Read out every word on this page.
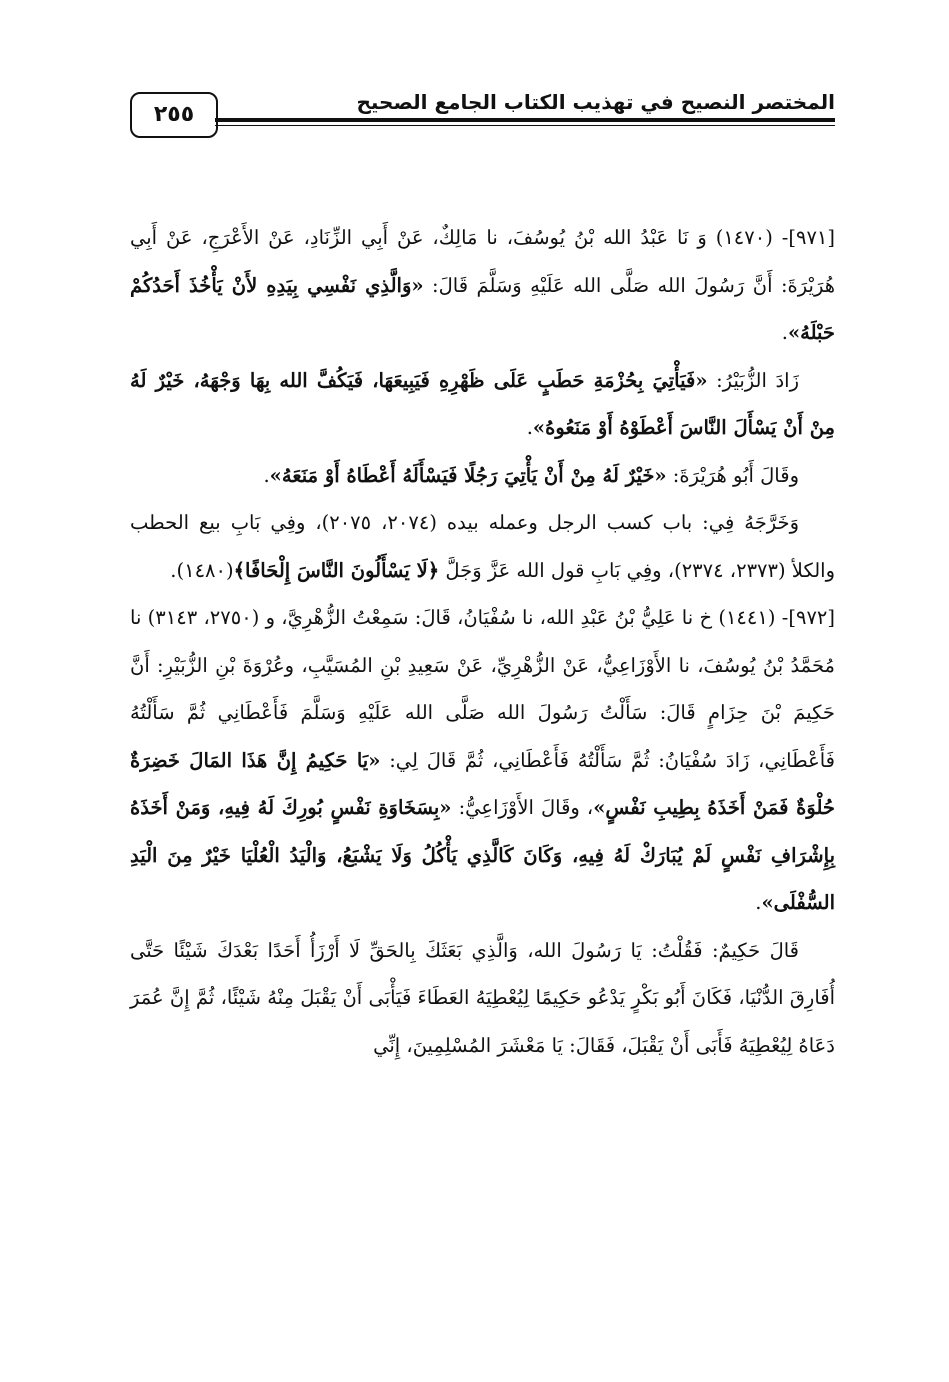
المختصر النصيح في تهذيب الكتاب الجامع الصحيح
٢٥٥

[٩٧١]- (١٤٧٠) وَ نَا عَبْدُ الله بْنُ يُوسُفَ، نا مَالِكٌ، عَنْ أَبِي الزِّنَادِ، عَنْ الأَعْرَجِ، عَنْ أَبِي هُرَيْرَةَ: أَنَّ رَسُولَ الله صَلَّى الله عَلَيْهِ وَسَلَّمَ قَالَ: «وَالَّذِي نَفْسِي بِيَدِهِ لأَنْ يَأْخُذَ أَحَدُكُمْ حَبْلَهُ».

زَادَ الزُّبَيْرُ: «فَيَأْتِيَ بِحُزْمَةِ حَطَبٍ عَلَى ظَهْرِهِ فَيَبِيعَهَا، فَيَكُفَّ الله بِهَا وَجْهَهُ، خَيْرٌ لَهُ مِنْ أَنْ يَسْأَلَ النَّاسَ أَعْطَوْهُ أَوْ مَنَعُوهُ».

وقَالَ أَبُو هُرَيْرَةَ: «خَيْرٌ لَهُ مِنْ أَنْ يَأْتِيَ رَجُلًا فَيَسْأَلَهُ أَعْطَاهُ أَوْ مَنَعَهُ».

وَخَرَّجَهُ فِي: باب كسب الرجل وعمله بيده (٢٠٧٤، ٢٠٧٥)، وفِي بَابِ بيع الحطب والكلأ (٢٣٧٣، ٢٣٧٤)، وفِي بَابِ قول الله عَزَّ وَجَلَّ ﴿لَا يَسْأَلُونَ النَّاسَ إِلْحَافًا﴾(١٤٨٠).

[٩٧٢]- (١٤٤١) خ نا عَلِيُّ بْنُ عَبْدِ الله، نا سُفْيَانُ، قَالَ: سَمِعْتُ الزُّهْرِيَّ، و (٢٧٥٠، ٣١٤٣) نا مُحَمَّدُ بْنُ يُوسُفَ، نا الأَوْزَاعِيُّ، عَنْ الزُّهْرِيِّ، عَنْ سَعِيدِ بْنِ المُسَيَّبِ، وعُرْوَةَ بْنِ الزُّبَيْرِ: أَنَّ حَكِيمَ بْنَ حِزَامٍ قَالَ: سَأَلْتُ رَسُولَ الله صَلَّى الله عَلَيْهِ وَسَلَّمَ فَأَعْطَانِي ثُمَّ سَأَلْتُهُ فَأَعْطَانِي، زَادَ سُفْيَانُ: ثُمَّ سَأَلْتُهُ فَأَعْطَانِي، ثُمَّ قَالَ لِي: «يَا حَكِيمُ إِنَّ هَذَا المَالَ خَضِرَةٌ حُلْوَةٌ فَمَنْ أَخَذَهُ بِطِيبِ نَفْسٍ»، وقَالَ الأَوْزَاعِيُّ: «بِسَخَاوَةِ نَفْسٍ بُورِكَ لَهُ فِيهِ، وَمَنْ أَخَذَهُ بِإِشْرَافِ نَفْسٍ لَمْ يُبَارَكْ لَهُ فِيهِ، وَكَانَ كَالَّذِي يَأْكُلُ وَلَا يَشْبَعُ، وَالْيَدُ الْعُلْيَا خَيْرٌ مِنَ الْيَدِ السُّفْلَى».

قَالَ حَكِيمٌ: فَقُلْتُ: يَا رَسُولَ الله، وَالَّذِي بَعَثَكَ بِالحَقِّ لَا أَرْزَأُ أَحَدًا بَعْدَكَ شَيْئًا حَتَّى أُفَارِقَ الدُّنْيَا، فَكَانَ أَبُو بَكْرٍ يَدْعُو حَكِيمًا لِيُعْطِيَهُ العَطَاءَ فَيَأْبَى أَنْ يَقْبَلَ مِنْهُ شَيْئًا، ثُمَّ إِنَّ عُمَرَ دَعَاهُ لِيُعْطِيَهُ فَأَبَى أَنْ يَقْبَلَ، فَقَالَ: يَا مَعْشَرَ المُسْلِمِينَ، إِنِّي
